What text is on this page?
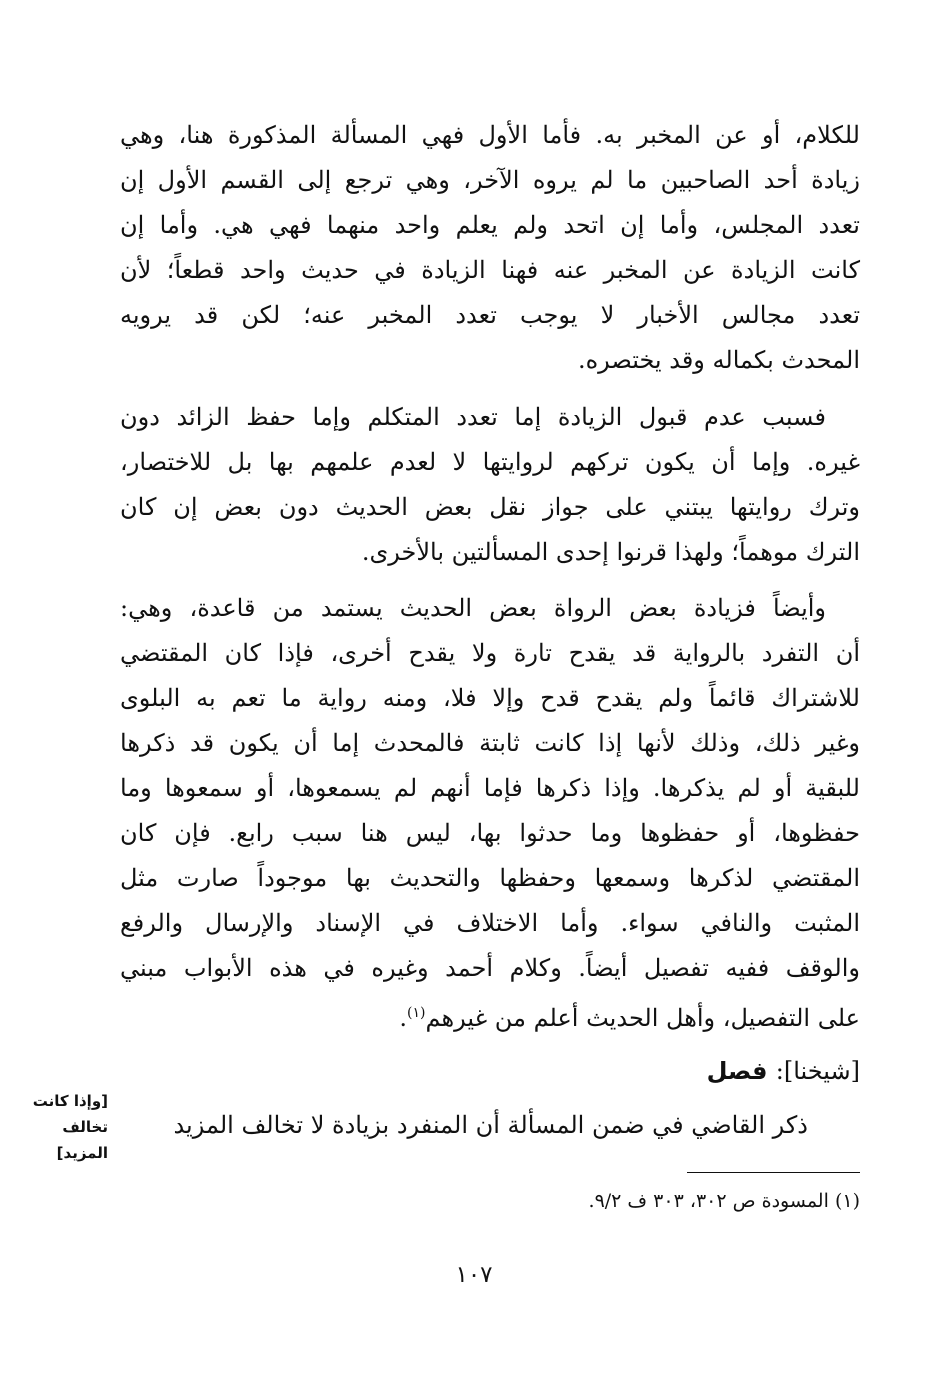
للكلام، أو عن المخبر به. فأما الأول فهي المسألة المذكورة هنا، وهي
زيادة أحد الصاحبين ما لم يروه الآخر، وهي ترجع إلى القسم الأول إن
تعدد المجلس، وأما إن اتحد ولم يعلم واحد منهما فهي هي. وأما إن
كانت الزيادة عن المخبر عنه فهنا الزيادة في حديث واحد قطعاً؛ لأن
تعدد مجالس الأخبار لا يوجب تعدد المخبر عنه؛ لكن قد يرويه
المحدث بكماله وقد يختصره.
فسبب عدم قبول الزيادة إما تعدد المتكلم وإما حفظ الزائد دون
غيره. وإما أن يكون تركهم لروايتها لا لعدم علمهم بها بل للاختصار،
وترك روايتها يبتني على جواز نقل بعض الحديث دون بعض إن كان
الترك موهماً؛ ولهذا قرنوا إحدى المسألتين بالأخرى.
وأيضاً فزيادة بعض الرواة بعض الحديث يستمد من قاعدة، وهي:
أن التفرد بالرواية قد يقدح تارة ولا يقدح أخرى، فإذا كان المقتضي
للاشتراك قائماً ولم يقدح قدح وإلا فلا، ومنه رواية ما تعم به البلوى
وغير ذلك، وذلك لأنها إذا كانت ثابتة فالمحدث إما أن يكون قد ذكرها
للبقية أو لم يذكرها. وإذا ذكرها فإما أنهم لم يسمعوها، أو سمعوها وما
حفظوها، أو حفظوها وما حدثوا بها، ليس هنا سبب رابع. فإن كان
المقتضي لذكرها وسمعها وحفظها والتحديث بها موجوداً صارت مثل
المثبت والنافي سواء. وأما الاختلاف في الإسناد والإرسال والرفع
والوقف ففيه تفصيل أيضاً. وكلام أحمد وغيره في هذه الأبواب مبني
على التفصيل، وأهل الحديث أعلم من غيرهم$^{(١)}$.
[شيخنا]: فصل
ذكر القاضي في ضمن المسألة أن المنفرد بزيادة لا تخالف المزيد
[وإذا كانت
تخالف
المزيد]
(١) المسودة ص ٣٠٢، ٣٠٣ ف ٩/٢.
١٠٧
